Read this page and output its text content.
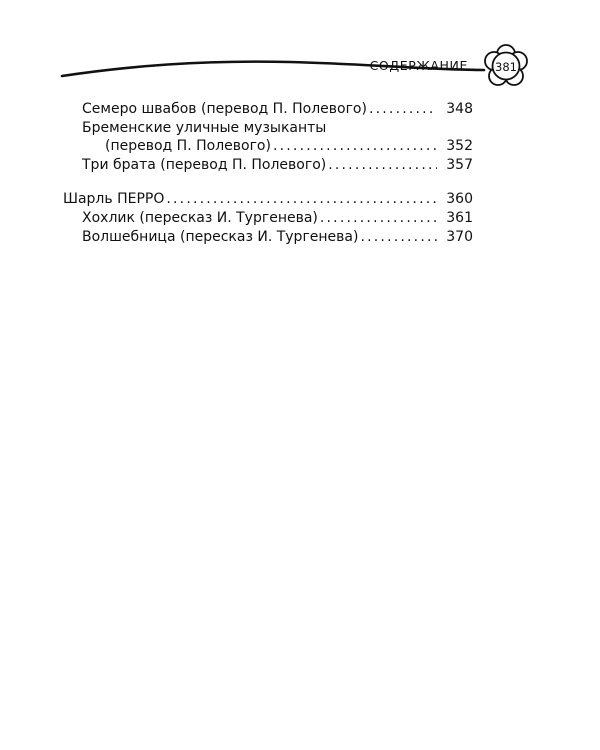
СОДЕРЖАНИЕ	381
Семеро швабов (перевод П. Полевого) .....	348
Бременские уличные музыканты
(перевод П. Полевого) .....	352
Три брата (перевод П. Полевого) .....	357
Шарль ПЕРРО .....	360
Хохлик (пересказ И. Тургенева) .....	361
Волшебница (пересказ И. Тургенева) .....	370
